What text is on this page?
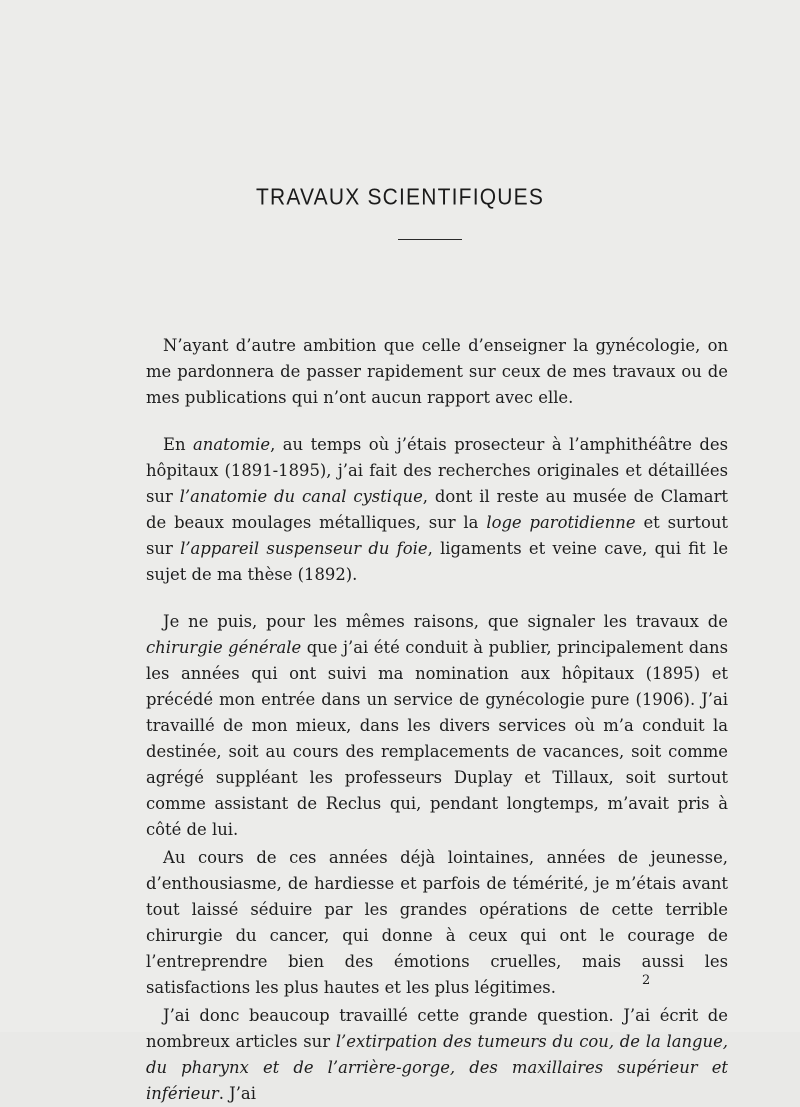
TRAVAUX SCIENTIFIQUES

N’ayant d’autre ambition que celle d’enseigner la gynécologie, on me pardonnera de passer rapidement sur ceux de mes travaux ou de mes publications qui n’ont aucun rapport avec elle.

En anatomie, au temps où j’étais prosecteur à l’amphithéâtre des hôpitaux (1891-1895), j’ai fait des recherches originales et détaillées sur l’anatomie du canal cystique, dont il reste au musée de Clamart de beaux moulages métalliques, sur la loge parotidienne et surtout sur l’appareil suspenseur du foie, ligaments et veine cave, qui fit le sujet de ma thèse (1892).

Je ne puis, pour les mêmes raisons, que signaler les travaux de chirurgie générale que j’ai été conduit à publier, principalement dans les années qui ont suivi ma nomination aux hôpitaux (1895) et précédé mon entrée dans un service de gynécologie pure (1906). J’ai travaillé de mon mieux, dans les divers services où m’a conduit la destinée, soit au cours des remplacements de vacances, soit comme agrégé suppléant les professeurs Duplay et Tillaux, soit surtout comme assistant de Reclus qui, pendant longtemps, m’avait pris à côté de lui.

Au cours de ces années déjà lointaines, années de jeunesse, d’enthousiasme, de hardiesse et parfois de témérité, je m’étais avant tout laissé séduire par les grandes opérations de cette terrible chirurgie du cancer, qui donne à ceux qui ont le courage de l’entreprendre bien des émotions cruelles, mais aussi les satisfactions les plus hautes et les plus légitimes.

J’ai donc beaucoup travaillé cette grande question. J’ai écrit de nombreux articles sur l’extirpation des tumeurs du cou, de la langue, du pharynx et de l’arrière-gorge, des maxillaires supérieur et inférieur. J’ai

2
